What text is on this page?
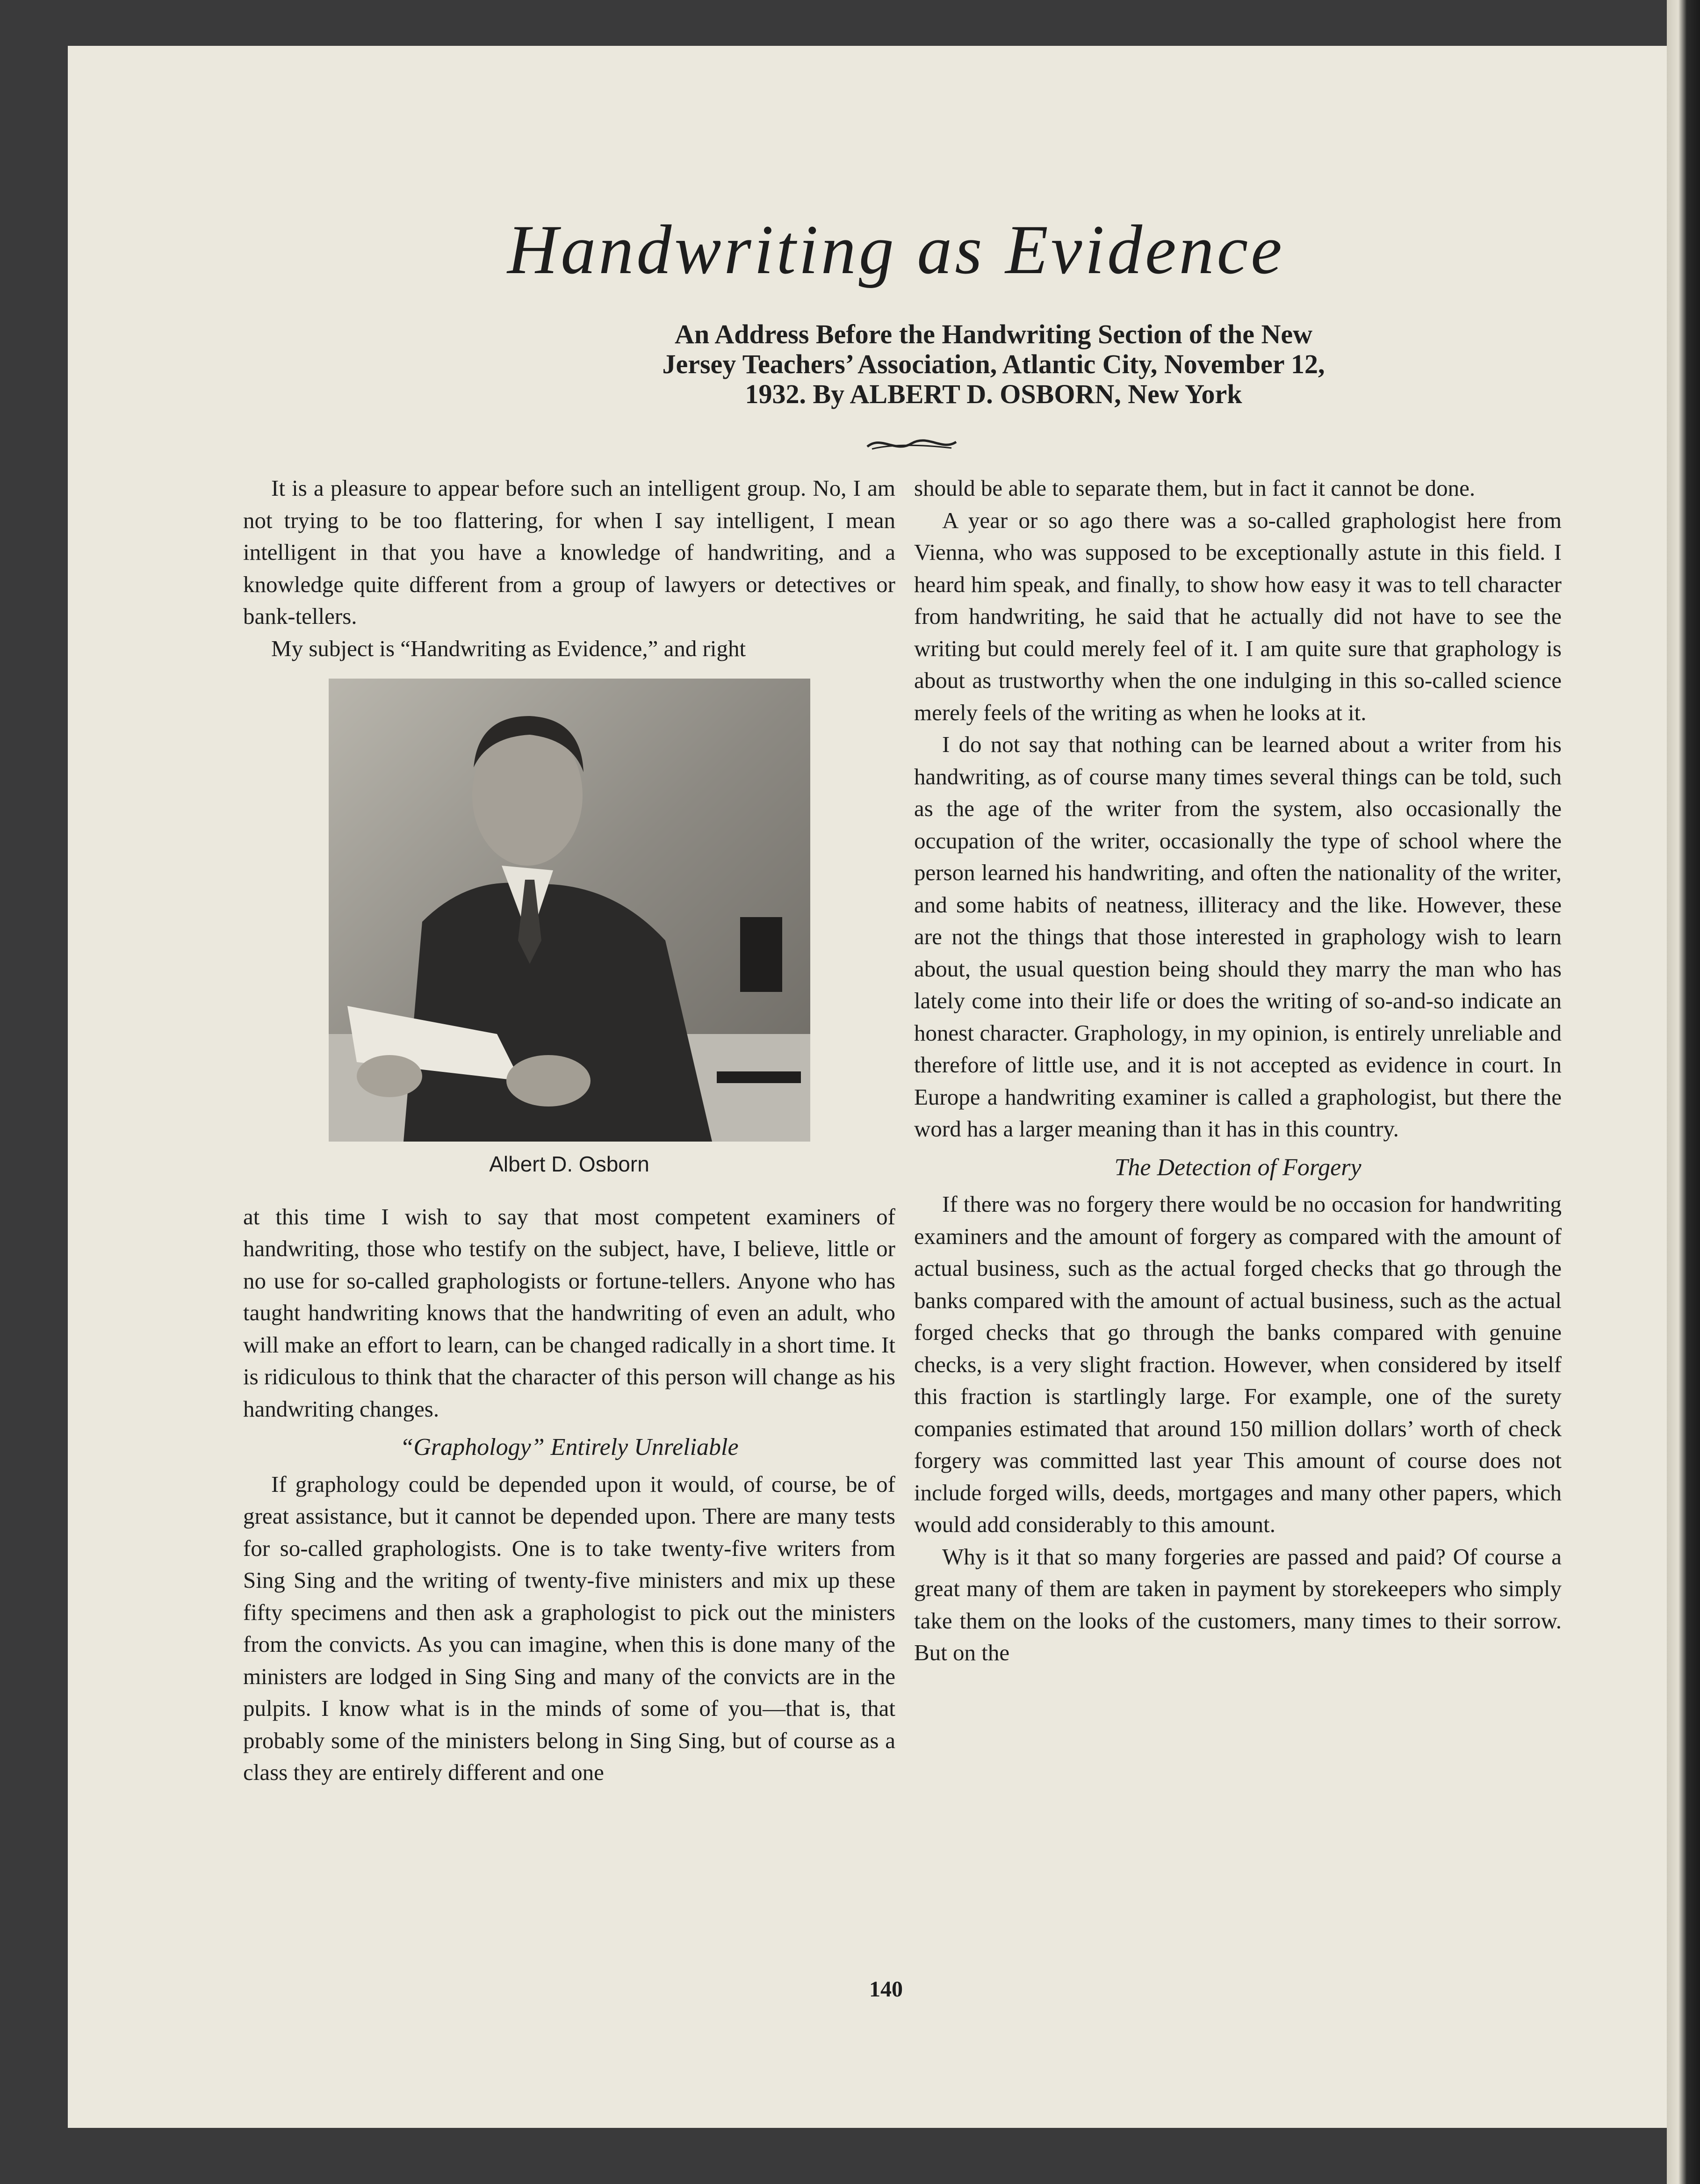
Handwriting as Evidence
An Address Before the Handwriting Section of the New Jersey Teachers’ Association, Atlantic City, November 12, 1932. By ALBERT D. OSBORN, New York

It is a pleasure to appear before such an intelligent group. No, I am not trying to be too flattering, for when I say intelligent, I mean intelligent in that you have a knowledge of handwriting, and a knowledge quite different from a group of lawyers or detectives or bank-tellers.

My subject is “Handwriting as Evidence,” and right

Albert D. Osborn

at this time I wish to say that most competent examiners of handwriting, those who testify on the subject, have, I believe, little or no use for so-called graphologists or fortune-tellers. Anyone who has taught handwriting knows that the handwriting of even an adult, who will make an effort to learn, can be changed radically in a short time. It is ridiculous to think that the character of this person will change as his handwriting changes.

“Graphology” Entirely Unreliable

If graphology could be depended upon it would, of course, be of great assistance, but it cannot be depended upon. There are many tests for so-called graphologists. One is to take twenty-five writers from Sing Sing and the writing of twenty-five ministers and mix up these fifty specimens and then ask a graphologist to pick out the ministers from the convicts. As you can imagine, when this is done many of the ministers are lodged in Sing Sing and many of the convicts are in the pulpits. I know what is in the minds of some of you—that is, that probably some of the ministers belong in Sing Sing, but of course as a class they are entirely different and one

should be able to separate them, but in fact it cannot be done.

A year or so ago there was a so-called graphologist here from Vienna, who was supposed to be exceptionally astute in this field. I heard him speak, and finally, to show how easy it was to tell character from handwriting, he said that he actually did not have to see the writing but could merely feel of it. I am quite sure that graphology is about as trustworthy when the one indulging in this so-called science merely feels of the writing as when he looks at it.

I do not say that nothing can be learned about a writer from his handwriting, as of course many times several things can be told, such as the age of the writer from the system, also occasionally the occupation of the writer, occasionally the type of school where the person learned his handwriting, and often the nationality of the writer, and some habits of neatness, illiteracy and the like. However, these are not the things that those interested in graphology wish to learn about, the usual question being should they marry the man who has lately come into their life or does the writing of so-and-so indicate an honest character. Graphology, in my opinion, is entirely unreliable and therefore of little use, and it is not accepted as evidence in court. In Europe a handwriting examiner is called a graphologist, but there the word has a larger meaning than it has in this country.

The Detection of Forgery

If there was no forgery there would be no occasion for handwriting examiners and the amount of forgery as compared with the amount of actual business, such as the actual forged checks that go through the banks compared with the amount of actual business, such as the actual forged checks that go through the banks compared with genuine checks, is a very slight fraction. However, when considered by itself this fraction is startlingly large. For example, one of the surety companies estimated that around 150 million dollars’ worth of check forgery was committed last year This amount of course does not include forged wills, deeds, mortgages and many other papers, which would add considerably to this amount.

Why is it that so many forgeries are passed and paid? Of course a great many of them are taken in payment by storekeepers who simply take them on the looks of the customers, many times to their sorrow. But on the

140
